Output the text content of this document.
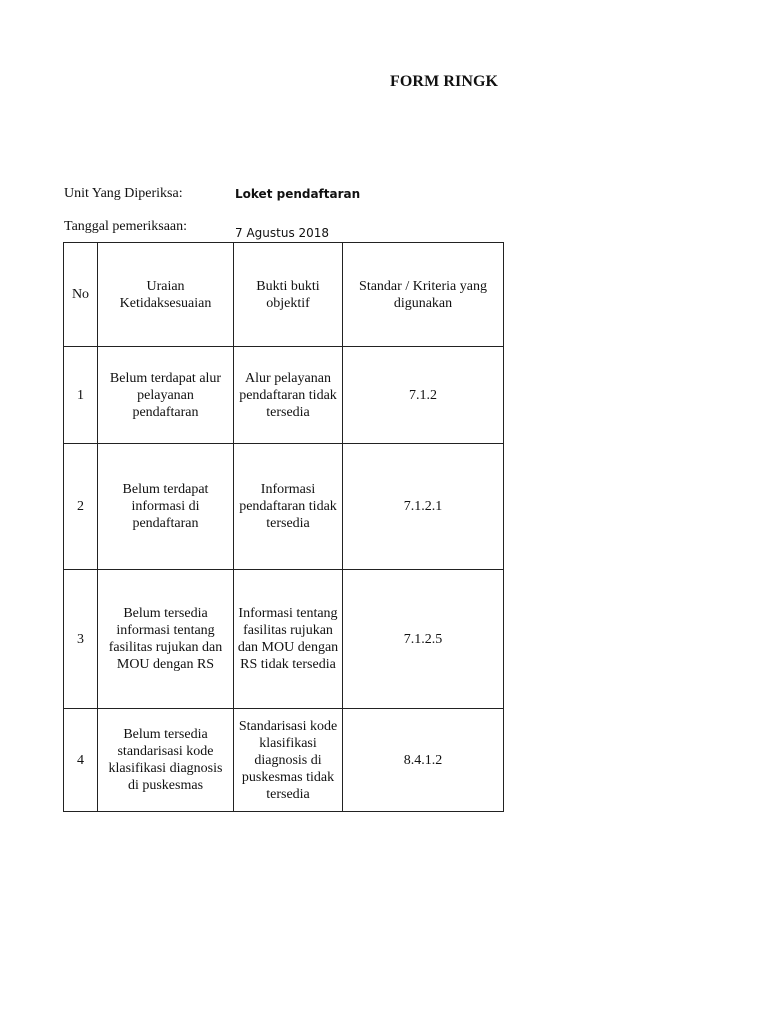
FORM RINGK
Unit Yang Diperiksa:	Loket pendaftaran
Tanggal pemeriksaan:	7 Agustus 2018
No	Uraian Ketidaksesuaian	Bukti bukti objektif	Standar / Kriteria yang digunakan

1	Belum terdapat alur pelayanan pendaftaran	Alur pelayanan pendaftaran tidak tersedia	7.1.2

2	Belum terdapat informasi di pendaftaran	Informasi pendaftaran tidak tersedia	7.1.2.1

3	Belum tersedia informasi tentang fasilitas rujukan dan MOU dengan RS	Informasi tentang fasilitas rujukan dan MOU dengan RS tidak tersedia	7.1.2.5

4	Belum tersedia standarisasi kode klasifikasi diagnosis di puskesmas	Standarisasi kode klasifikasi diagnosis di puskesmas tidak tersedia	8.4.1.2
